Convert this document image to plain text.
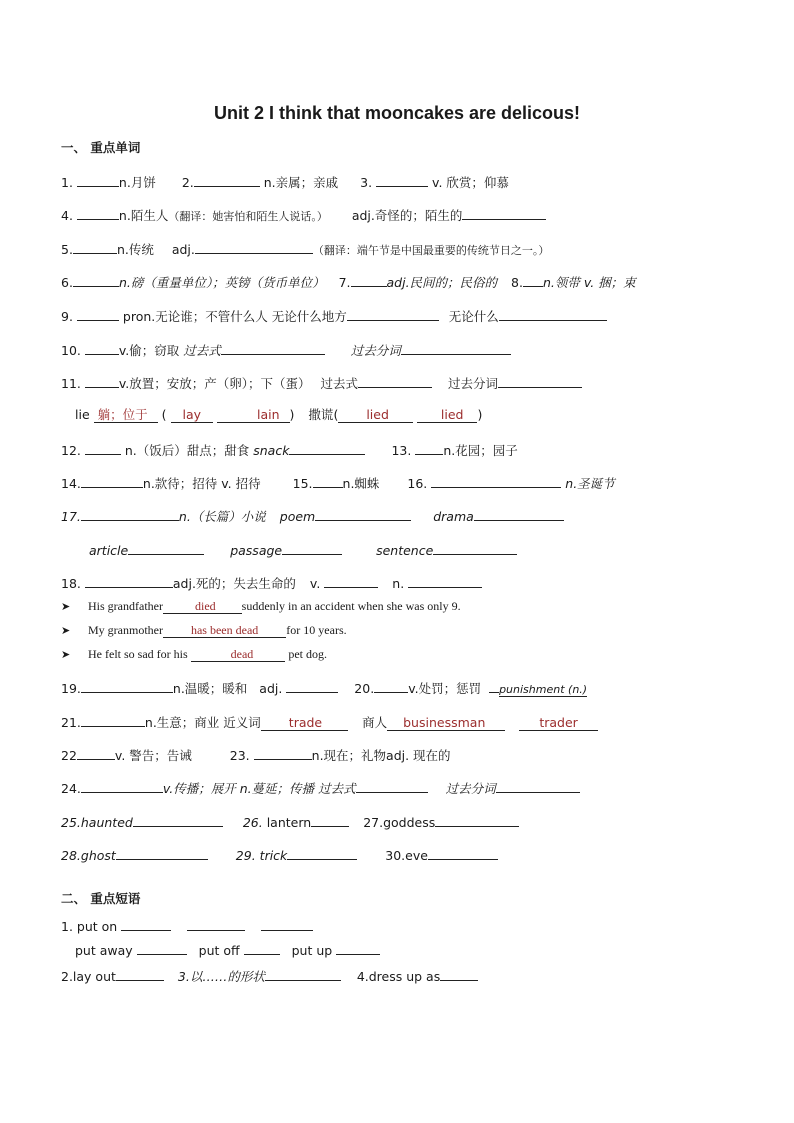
Unit 2 I think that mooncakes are delicous!
一、 重点单词
1.	n.月饼 2.	n.亲属；亲戚 3.	v. 欣赏；仰慕
4.	n.陌生人（翻译：她害怕和陌生人说话。） adj.奇怪的；陌生的
5.	n.传统 adj.	（翻译：端午节是中国最重要的传统节日之一。）
6.	n.磅（重量单位）；英镑（货币单位） 7.	adj.民间的；民俗的 8. n.领带 v. 捆；束
9.	pron.无论谁；不管什么人 无论什么地方	无论什么
10.	v.偷；窃取 过去式	过去分词
11.	v.放置；安放；产（卵）；下（蛋） 过去式	过去分词
lie 躺；位于 ( lay	lain ) 撒谎( lied	lied )
12.	n.（饭后）甜点；甜食 snack	13.	n.花园；园子
14.	n.款待；招待 v. 招待	15. n.蜘蛛 16.	n.圣诞节
17.	n.（长篇）小说 poem	drama
article	passage	sentence
18.	adj.死的；失去生命的 v.	n.
➤ His grandfather	died suddenly in an accident when she was only 9.
➤ My granmother has been dead for 10 years.
➤ He felt so sad for his	dead	pet dog.
19.	n.温暖；暖和 adj.	20.	v.处罚；惩罚 punishment (n.)
21.	n.生意；商业 近义词 trade	商人 businessman	trader
22	v. 警告；告诫	23.	n.现在；礼物adj. 现在的
24.	v.传播；展开 n.蔓延；传播 过去式	过去分词
25.haunted	26. lantern	27.goddess
28.ghost	29. trick	30.eve
二、 重点短语
1. put on
put away	put off	put up
2.lay out	3.以……的形状	4.dress up as
